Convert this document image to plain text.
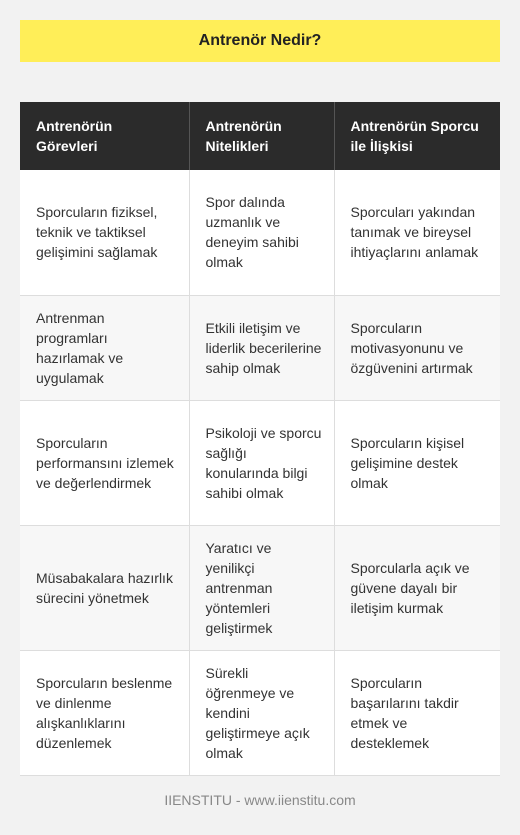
Antrenör Nedir?
Antrenörün Görevleri	Antrenörün Nitelikleri	Antrenörün Sporcu ile İlişkisi
Sporcuların fiziksel, teknik ve taktiksel gelişimini sağlamak	Spor dalında uzmanlık ve deneyim sahibi olmak	Sporcuları yakından tanımak ve bireysel ihtiyaçlarını anlamak
Antrenman programları hazırlamak ve uygulamak	Etkili iletişim ve liderlik becerilerine sahip olmak	Sporcuların motivasyonunu ve özgüvenini artırmak
Sporcuların performansını izlemek ve değerlendirmek	Psikoloji ve sporcu sağlığı konularında bilgi sahibi olmak	Sporcuların kişisel gelişimine destek olmak
Müsabakalara hazırlık sürecini yönetmek	Yaratıcı ve yenilikçi antrenman yöntemleri geliştirmek	Sporcularla açık ve güvene dayalı bir iletişim kurmak
Sporcuların beslenme ve dinlenme alışkanlıklarını düzenlemek	Sürekli öğrenmeye ve kendini geliştirmeye açık olmak	Sporcuların başarılarını takdir etmek ve desteklemek
IIENSTITU - www.iienstitu.com
